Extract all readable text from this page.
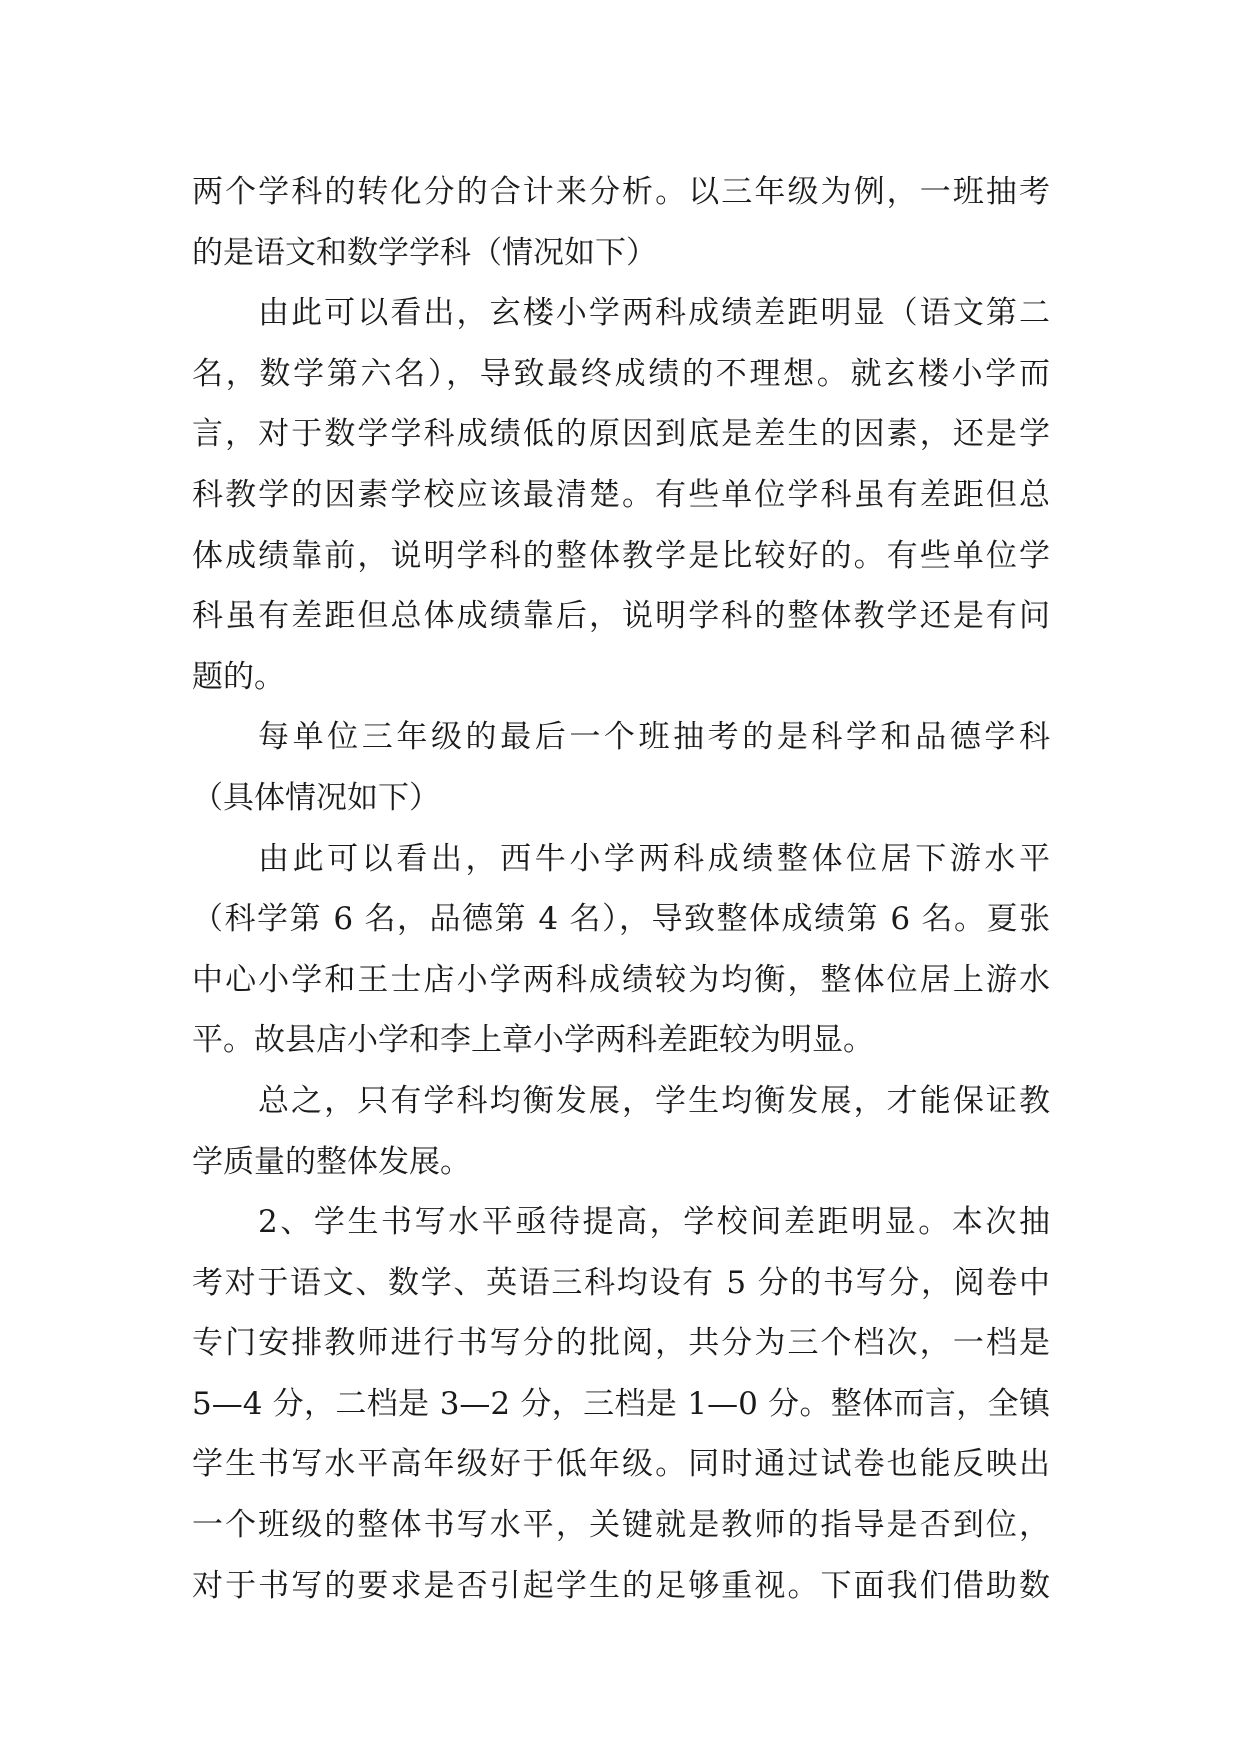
两个学科的转化分的合计来分析。以三年级为例，一班抽考
的是语文和数学学科（情况如下）
由此可以看出，玄楼小学两科成绩差距明显（语文第二
名，数学第六名），导致最终成绩的不理想。就玄楼小学而
言，对于数学学科成绩低的原因到底是差生的因素，还是学
科教学的因素学校应该最清楚。有些单位学科虽有差距但总
体成绩靠前，说明学科的整体教学是比较好的。有些单位学
科虽有差距但总体成绩靠后，说明学科的整体教学还是有问
题的。
每单位三年级的最后一个班抽考的是科学和品德学科
（具体情况如下）
由此可以看出，西牛小学两科成绩整体位居下游水平
（科学第 6 名，品德第 4 名），导致整体成绩第 6 名。夏张
中心小学和王士店小学两科成绩较为均衡，整体位居上游水
平。故县店小学和李上章小学两科差距较为明显。
总之，只有学科均衡发展，学生均衡发展，才能保证教
学质量的整体发展。
2、学生书写水平亟待提高，学校间差距明显。本次抽
考对于语文、数学、英语三科均设有 5 分的书写分，阅卷中
专门安排教师进行书写分的批阅，共分为三个档次，一档是
5—4 分，二档是 3—2 分，三档是 1—0 分。整体而言，全镇
学生书写水平高年级好于低年级。同时通过试卷也能反映出
一个班级的整体书写水平，关键就是教师的指导是否到位，
对于书写的要求是否引起学生的足够重视。下面我们借助数
